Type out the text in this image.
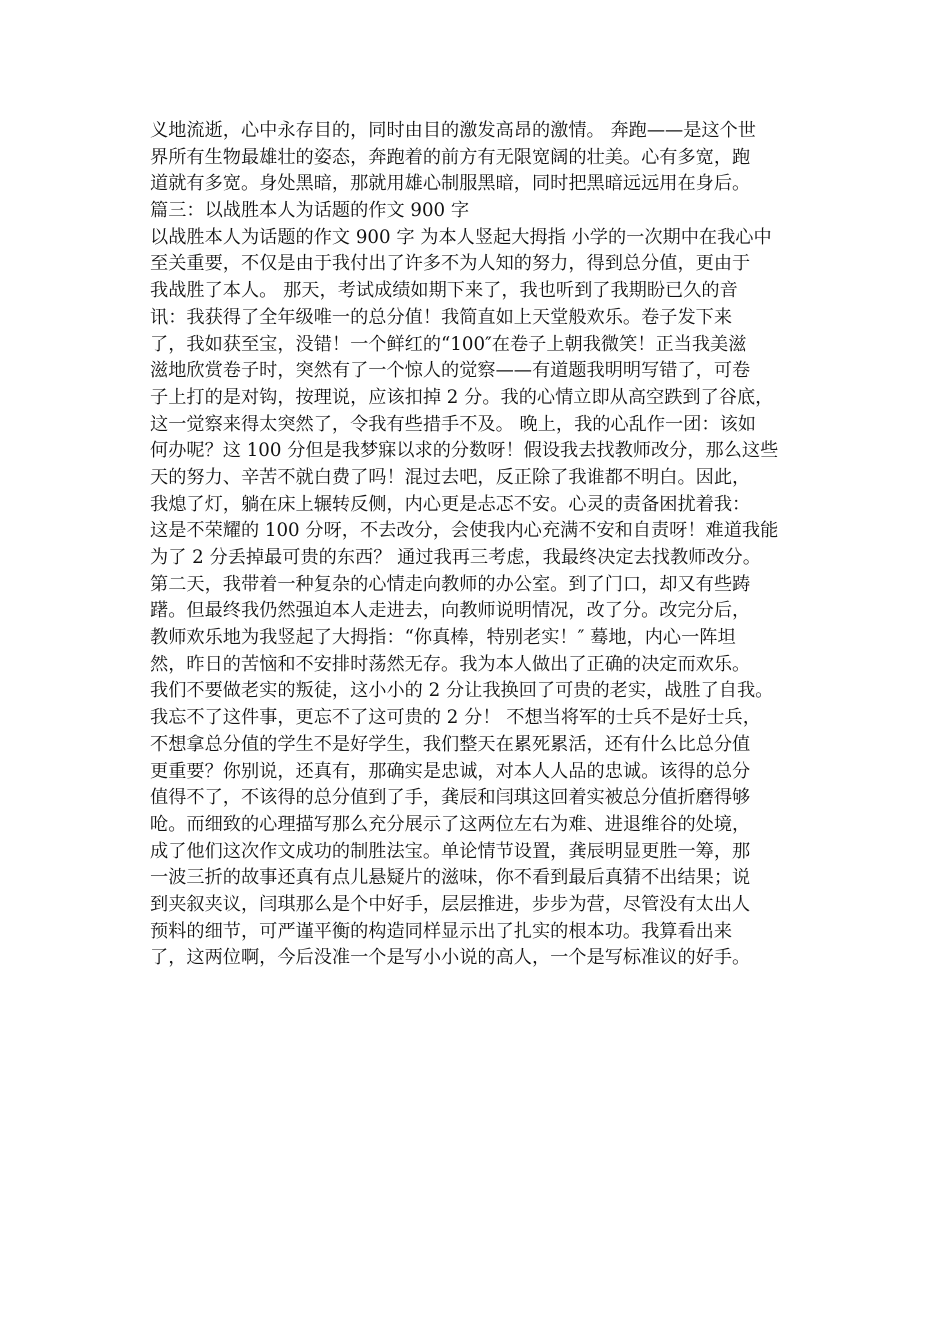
义地流逝，心中永存目的，同时由目的激发高昂的激情。 奔跑——是这个世
界所有生物最雄壮的姿态，奔跑着的前方有无限宽阔的壮美。心有多宽，跑
道就有多宽。身处黑暗，那就用雄心制服黑暗，同时把黑暗远远用在身后。
篇三：以战胜本人为话题的作文 900 字
以战胜本人为话题的作文 900 字 为本人竖起大拇指 小学的一次期中在我心中
至关重要，不仅是由于我付出了许多不为人知的努力，得到总分值，更由于
我战胜了本人。 那天，考试成绩如期下来了，我也听到了我期盼已久的音
讯：我获得了全年级唯一的总分值！我简直如上天堂般欢乐。卷子发下来
了，我如获至宝，没错！一个鲜红的“100″在卷子上朝我微笑！正当我美滋
滋地欣赏卷子时，突然有了一个惊人的觉察——有道题我明明写错了，可卷
子上打的是对钩，按理说，应该扣掉 2 分。我的心情立即从高空跌到了谷底，
这一觉察来得太突然了，令我有些措手不及。 晚上，我的心乱作一团：该如
何办呢？这 100 分但是我梦寐以求的分数呀！假设我去找教师改分，那么这些
天的努力、辛苦不就白费了吗！混过去吧，反正除了我谁都不明白。因此，
我熄了灯，躺在床上辗转反侧，内心更是忐忑不安。心灵的责备困扰着我：
这是不荣耀的 100 分呀，不去改分，会使我内心充满不安和自责呀！难道我能
为了 2 分丢掉最可贵的东西？ 通过我再三考虑，我最终决定去找教师改分。
第二天，我带着一种复杂的心情走向教师的办公室。到了门口，却又有些踌
躇。但最终我仍然强迫本人走进去，向教师说明情况，改了分。改完分后，
教师欢乐地为我竖起了大拇指：“你真棒，特别老实！″ 蓦地，内心一阵坦
然，昨日的苦恼和不安排时荡然无存。我为本人做出了正确的决定而欢乐。
我们不要做老实的叛徒，这小小的 2 分让我换回了可贵的老实，战胜了自我。
我忘不了这件事，更忘不了这可贵的 2 分！ 不想当将军的士兵不是好士兵，
不想拿总分值的学生不是好学生，我们整天在累死累活，还有什么比总分值
更重要？你别说，还真有，那确实是忠诚，对本人人品的忠诚。该得的总分
值得不了，不该得的总分值到了手，龚辰和闫琪这回着实被总分值折磨得够
呛。而细致的心理描写那么充分展示了这两位左右为难、进退维谷的处境，
成了他们这次作文成功的制胜法宝。单论情节设置，龚辰明显更胜一筹，那
一波三折的故事还真有点儿悬疑片的滋味，你不看到最后真猜不出结果；说
到夹叙夹议，闫琪那么是个中好手，层层推进，步步为营，尽管没有太出人
预料的细节，可严谨平衡的构造同样显示出了扎实的根本功。我算看出来
了，这两位啊，今后没准一个是写小小说的高人，一个是写标准议的好手。
